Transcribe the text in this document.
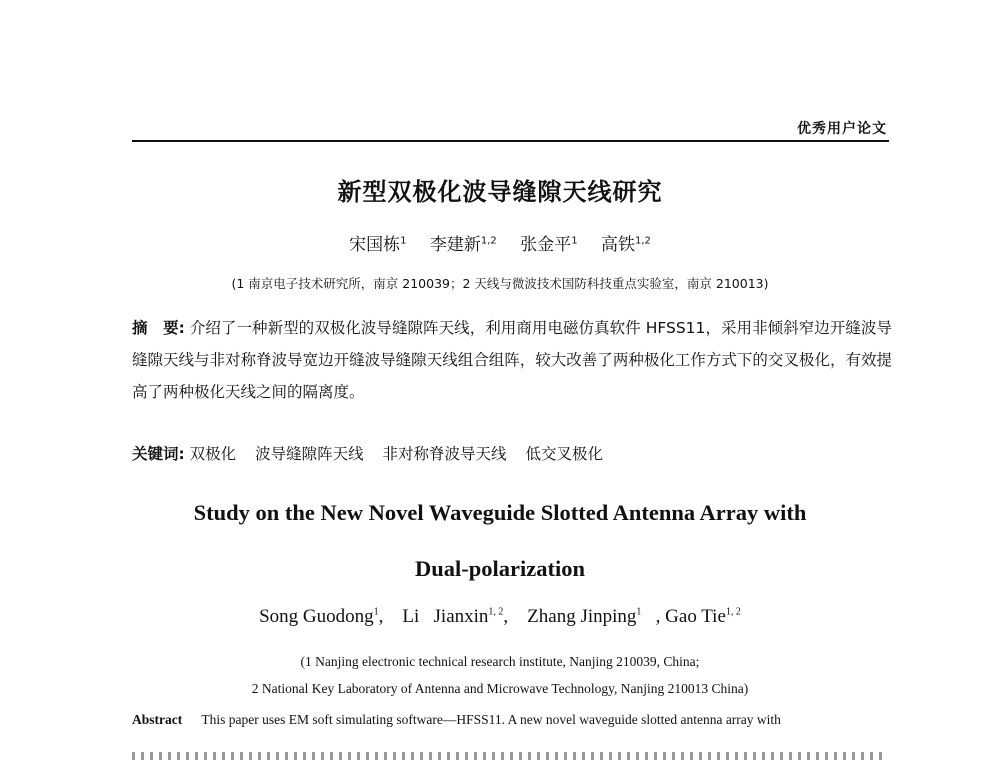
优秀用户论文
新型双极化波导缝隙天线研究
宋国栋$^1$ 李建新$^{1,2}$ 张金平$^1$ 高铁$^{1,2}$
(1 南京电子技术研究所，南京 210039；2 天线与微波技术国防科技重点实验室，南京 210013)
摘　要: 介绍了一种新型的双极化波导缝隙阵天线，利用商用电磁仿真软件 HFSS11，采用非倾斜窄边开缝波导缝隙天线与非对称脊波导宽边开缝波导缝隙天线组合组阵，较大改善了两种极化工作方式下的交叉极化，有效提高了两种极化天线之间的隔离度。
关键词: 双极化 波导缝隙阵天线 非对称脊波导天线 低交叉极化
Study on the New Novel Waveguide Slotted Antenna Array with
Dual-polarization
Song Guodong$^1$,    Li   Jianxin$^{1, 2}$,    Zhang Jinping$^1$   , Gao Tie$^{1, 2}$
(1 Nanjing electronic technical research institute, Nanjing 210039, China;
2 National Key Laboratory of Antenna and Microwave Technology, Nanjing 210013 China)
Abstract This paper uses EM soft simulating software—HFSS11. A new novel waveguide slotted antenna array with
